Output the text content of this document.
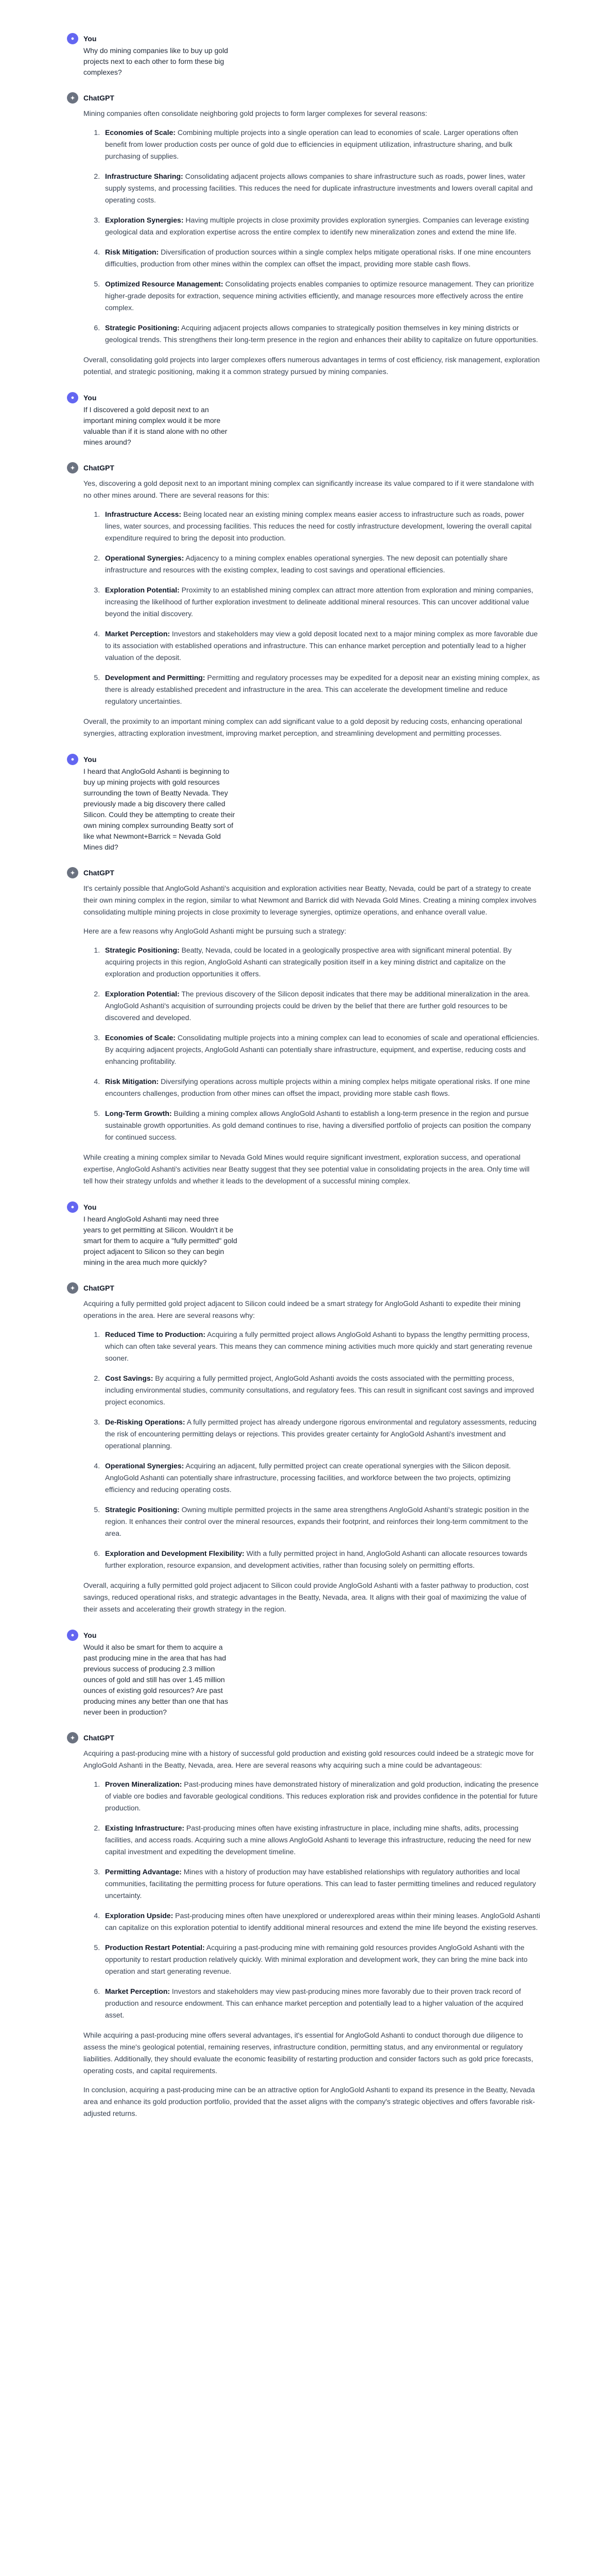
●	You
Why do mining companies like to buy up gold projects next to each other to form these big complexes?
✦	ChatGPT
Mining companies often consolidate neighboring gold projects to form larger complexes for several reasons:
1. Economies of Scale: Combining multiple projects into a single operation can lead to economies of scale. Larger operations often benefit from lower production costs per ounce of gold due to efficiencies in equipment utilization, infrastructure sharing, and bulk purchasing of supplies.
2. Infrastructure Sharing: Consolidating adjacent projects allows companies to share infrastructure such as roads, power lines, water supply systems, and processing facilities. This reduces the need for duplicate infrastructure investments and lowers overall capital and operating costs.
3. Exploration Synergies: Having multiple projects in close proximity provides exploration synergies. Companies can leverage existing geological data and exploration expertise across the entire complex to identify new mineralization zones and extend the mine life.
4. Risk Mitigation: Diversification of production sources within a single complex helps mitigate operational risks. If one mine encounters difficulties, production from other mines within the complex can offset the impact, providing more stable cash flows.
5. Optimized Resource Management: Consolidating projects enables companies to optimize resource management. They can prioritize higher-grade deposits for extraction, sequence mining activities efficiently, and manage resources more effectively across the entire complex.
6. Strategic Positioning: Acquiring adjacent projects allows companies to strategically position themselves in key mining districts or geological trends. This strengthens their long-term presence in the region and enhances their ability to capitalize on future opportunities.
Overall, consolidating gold projects into larger complexes offers numerous advantages in terms of cost efficiency, risk management, exploration potential, and strategic positioning, making it a common strategy pursued by mining companies.
●	You
If I discovered a gold deposit next to an important mining complex would it be more valuable than if it is stand alone with no other mines around?
✦	ChatGPT
Yes, discovering a gold deposit next to an important mining complex can significantly increase its value compared to if it were standalone with no other mines around. There are several reasons for this:
1. Infrastructure Access: Being located near an existing mining complex means easier access to infrastructure such as roads, power lines, water sources, and processing facilities. This reduces the need for costly infrastructure development, lowering the overall capital expenditure required to bring the deposit into production.
2. Operational Synergies: Adjacency to a mining complex enables operational synergies. The new deposit can potentially share infrastructure and resources with the existing complex, leading to cost savings and operational efficiencies.
3. Exploration Potential: Proximity to an established mining complex can attract more attention from exploration and mining companies, increasing the likelihood of further exploration investment to delineate additional mineral resources. This can uncover additional value beyond the initial discovery.
4. Market Perception: Investors and stakeholders may view a gold deposit located next to a major mining complex as more favorable due to its association with established operations and infrastructure. This can enhance market perception and potentially lead to a higher valuation of the deposit.
5. Development and Permitting: Permitting and regulatory processes may be expedited for a deposit near an existing mining complex, as there is already established precedent and infrastructure in the area. This can accelerate the development timeline and reduce regulatory uncertainties.
Overall, the proximity to an important mining complex can add significant value to a gold deposit by reducing costs, enhancing operational synergies, attracting exploration investment, improving market perception, and streamlining development and permitting processes.
●	You
I heard that AngloGold Ashanti is beginning to buy up mining projects with gold resources surrounding the town of Beatty Nevada. They previously made a big discovery there called Silicon. Could they be attempting to create their own mining complex surrounding Beatty sort of like what Newmont+Barrick = Nevada Gold Mines did?
✦	ChatGPT
It's certainly possible that AngloGold Ashanti's acquisition and exploration activities near Beatty, Nevada, could be part of a strategy to create their own mining complex in the region, similar to what Newmont and Barrick did with Nevada Gold Mines. Creating a mining complex involves consolidating multiple mining projects in close proximity to leverage synergies, optimize operations, and enhance overall value.
Here are a few reasons why AngloGold Ashanti might be pursuing such a strategy:
1. Strategic Positioning: Beatty, Nevada, could be located in a geologically prospective area with significant mineral potential. By acquiring projects in this region, AngloGold Ashanti can strategically position itself in a key mining district and capitalize on the exploration and production opportunities it offers.
2. Exploration Potential: The previous discovery of the Silicon deposit indicates that there may be additional mineralization in the area. AngloGold Ashanti's acquisition of surrounding projects could be driven by the belief that there are further gold resources to be discovered and developed.
3. Economies of Scale: Consolidating multiple projects into a mining complex can lead to economies of scale and operational efficiencies. By acquiring adjacent projects, AngloGold Ashanti can potentially share infrastructure, equipment, and expertise, reducing costs and enhancing profitability.
4. Risk Mitigation: Diversifying operations across multiple projects within a mining complex helps mitigate operational risks. If one mine encounters challenges, production from other mines can offset the impact, providing more stable cash flows.
5. Long-Term Growth: Building a mining complex allows AngloGold Ashanti to establish a long-term presence in the region and pursue sustainable growth opportunities. As gold demand continues to rise, having a diversified portfolio of projects can position the company for continued success.
While creating a mining complex similar to Nevada Gold Mines would require significant investment, exploration success, and operational expertise, AngloGold Ashanti's activities near Beatty suggest that they see potential value in consolidating projects in the area. Only time will tell how their strategy unfolds and whether it leads to the development of a successful mining complex.
●	You
I heard AngloGold Ashanti may need three years to get permitting at Silicon. Wouldn't it be smart for them to acquire a "fully permitted" gold project adjacent to Silicon so they can begin mining in the area much more quickly?
✦	ChatGPT
Acquiring a fully permitted gold project adjacent to Silicon could indeed be a smart strategy for AngloGold Ashanti to expedite their mining operations in the area. Here are several reasons why:
1. Reduced Time to Production: Acquiring a fully permitted project allows AngloGold Ashanti to bypass the lengthy permitting process, which can often take several years. This means they can commence mining activities much more quickly and start generating revenue sooner.
2. Cost Savings: By acquiring a fully permitted project, AngloGold Ashanti avoids the costs associated with the permitting process, including environmental studies, community consultations, and regulatory fees. This can result in significant cost savings and improved project economics.
3. De-Risking Operations: A fully permitted project has already undergone rigorous environmental and regulatory assessments, reducing the risk of encountering permitting delays or rejections. This provides greater certainty for AngloGold Ashanti's investment and operational planning.
4. Operational Synergies: Acquiring an adjacent, fully permitted project can create operational synergies with the Silicon deposit. AngloGold Ashanti can potentially share infrastructure, processing facilities, and workforce between the two projects, optimizing efficiency and reducing operating costs.
5. Strategic Positioning: Owning multiple permitted projects in the same area strengthens AngloGold Ashanti's strategic position in the region. It enhances their control over the mineral resources, expands their footprint, and reinforces their long-term commitment to the area.
6. Exploration and Development Flexibility: With a fully permitted project in hand, AngloGold Ashanti can allocate resources towards further exploration, resource expansion, and development activities, rather than focusing solely on permitting efforts.
Overall, acquiring a fully permitted gold project adjacent to Silicon could provide AngloGold Ashanti with a faster pathway to production, cost savings, reduced operational risks, and strategic advantages in the Beatty, Nevada, area. It aligns with their goal of maximizing the value of their assets and accelerating their growth strategy in the region.
●	You
Would it also be smart for them to acquire a past producing mine in the area that has had previous success of producing 2.3 million ounces of gold and still has over 1.45 million ounces of existing gold resources? Are past producing mines any better than one that has never been in production?
✦	ChatGPT
Acquiring a past-producing mine with a history of successful gold production and existing gold resources could indeed be a strategic move for AngloGold Ashanti in the Beatty, Nevada, area. Here are several reasons why acquiring such a mine could be advantageous:
1. Proven Mineralization: Past-producing mines have demonstrated history of mineralization and gold production, indicating the presence of viable ore bodies and favorable geological conditions. This reduces exploration risk and provides confidence in the potential for future production.
2. Existing Infrastructure: Past-producing mines often have existing infrastructure in place, including mine shafts, adits, processing facilities, and access roads. Acquiring such a mine allows AngloGold Ashanti to leverage this infrastructure, reducing the need for new capital investment and expediting the development timeline.
3. Permitting Advantage: Mines with a history of production may have established relationships with regulatory authorities and local communities, facilitating the permitting process for future operations. This can lead to faster permitting timelines and reduced regulatory uncertainty.
4. Exploration Upside: Past-producing mines often have unexplored or underexplored areas within their mining leases. AngloGold Ashanti can capitalize on this exploration potential to identify additional mineral resources and extend the mine life beyond the existing reserves.
5. Production Restart Potential: Acquiring a past-producing mine with remaining gold resources provides AngloGold Ashanti with the opportunity to restart production relatively quickly. With minimal exploration and development work, they can bring the mine back into operation and start generating revenue.
6. Market Perception: Investors and stakeholders may view past-producing mines more favorably due to their proven track record of production and resource endowment. This can enhance market perception and potentially lead to a higher valuation of the acquired asset.
While acquiring a past-producing mine offers several advantages, it's essential for AngloGold Ashanti to conduct thorough due diligence to assess the mine's geological potential, remaining reserves, infrastructure condition, permitting status, and any environmental or regulatory liabilities. Additionally, they should evaluate the economic feasibility of restarting production and consider factors such as gold price forecasts, operating costs, and capital requirements.
In conclusion, acquiring a past-producing mine can be an attractive option for AngloGold Ashanti to expand its presence in the Beatty, Nevada area and enhance its gold production portfolio, provided that the asset aligns with the company's strategic objectives and offers favorable risk-adjusted returns.
